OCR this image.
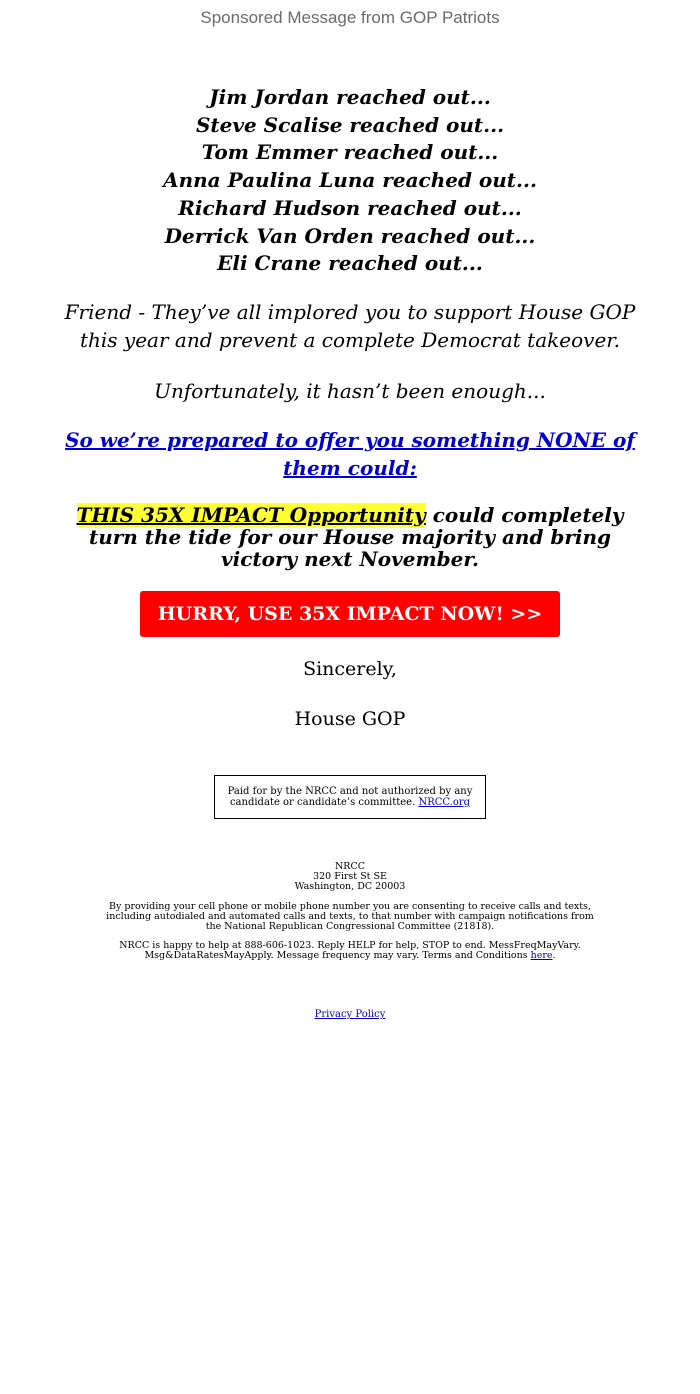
Sponsored Message from GOP Patriots
Jim Jordan reached out...
Steve Scalise reached out...
Tom Emmer reached out...
Anna Paulina Luna reached out...
Richard Hudson reached out...
Derrick Van Orden reached out...
Eli Crane reached out...

Friend - They’ve all implored you to support House GOP this year and prevent a complete Democrat takeover.

Unfortunately, it hasn’t been enough...

So we’re prepared to offer you something NONE of them could:
THIS 35X IMPACT Opportunity could completely turn the tide for our House majority and bring victory next November.
HURRY, USE 35X IMPACT NOW! >>
Sincerely,
House GOP
Paid for by the NRCC and not authorized by any candidate or candidate’s committee. NRCC.org
NRCC
320 First St SE
Washington, DC 20003
By providing your cell phone or mobile phone number you are consenting to receive calls and texts, including autodialed and automated calls and texts, to that number with campaign notifications from the National Republican Congressional Committee (21818).
NRCC is happy to help at 888-606-1023. Reply HELP for help, STOP to end. MessFreqMayVary. Msg&DataRatesMayApply. Message frequency may vary. Terms and Conditions here.
Privacy Policy
